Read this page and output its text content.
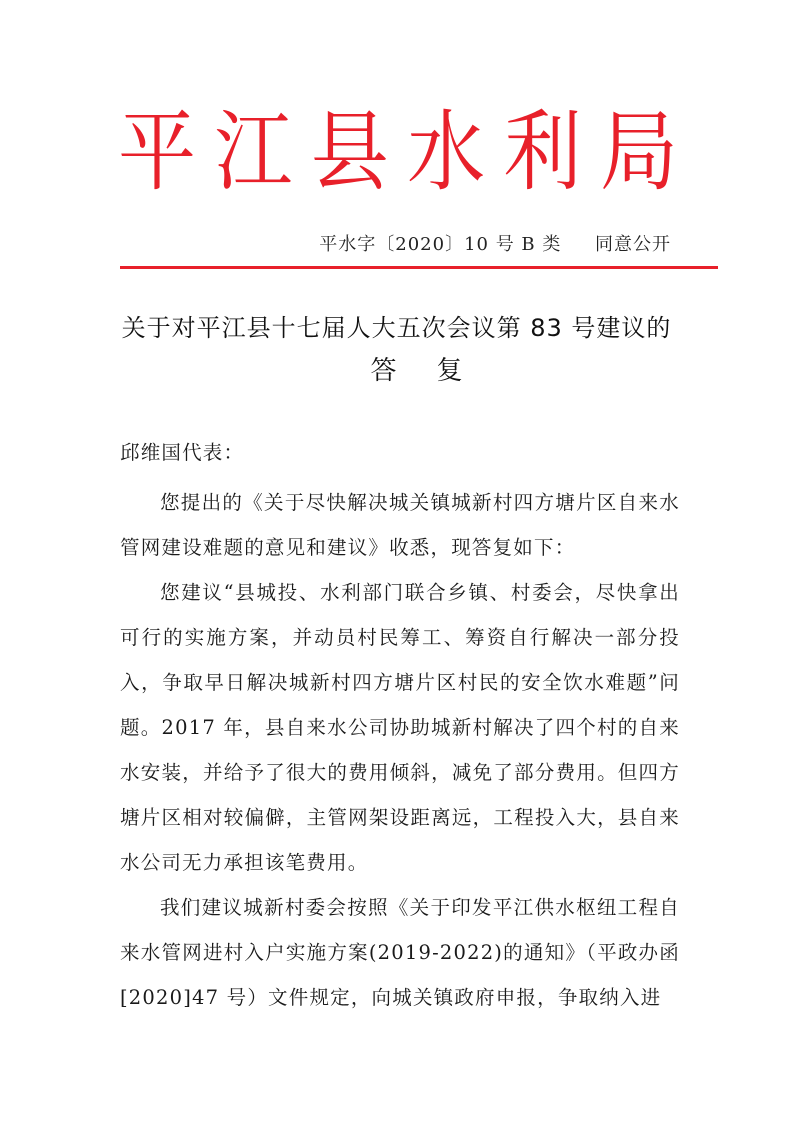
平 江 县 水 利 局
平水字〔2020〕10 号 B 类     同意公开
关于对平江县十七届人大五次会议第 83 号建议的
答复
邱维国代表：
您提出的《关于尽快解决城关镇城新村四方塘片区自来水管网建设难题的意见和建议》收悉，现答复如下：
您建议“县城投、水利部门联合乡镇、村委会，尽快拿出可行的实施方案，并动员村民筹工、筹资自行解决一部分投入，争取早日解决城新村四方塘片区村民的安全饮水难题”问题。2017 年，县自来水公司协助城新村解决了四个村的自来水安装，并给予了很大的费用倾斜，减免了部分费用。但四方塘片区相对较偏僻，主管网架设距离远，工程投入大，县自来水公司无力承担该笔费用。
我们建议城新村委会按照《关于印发平江供水枢纽工程自来水管网进村入户实施方案(2019-2022)的通知》（平政办函[2020]47 号）文件规定，向城关镇政府申报，争取纳入进
